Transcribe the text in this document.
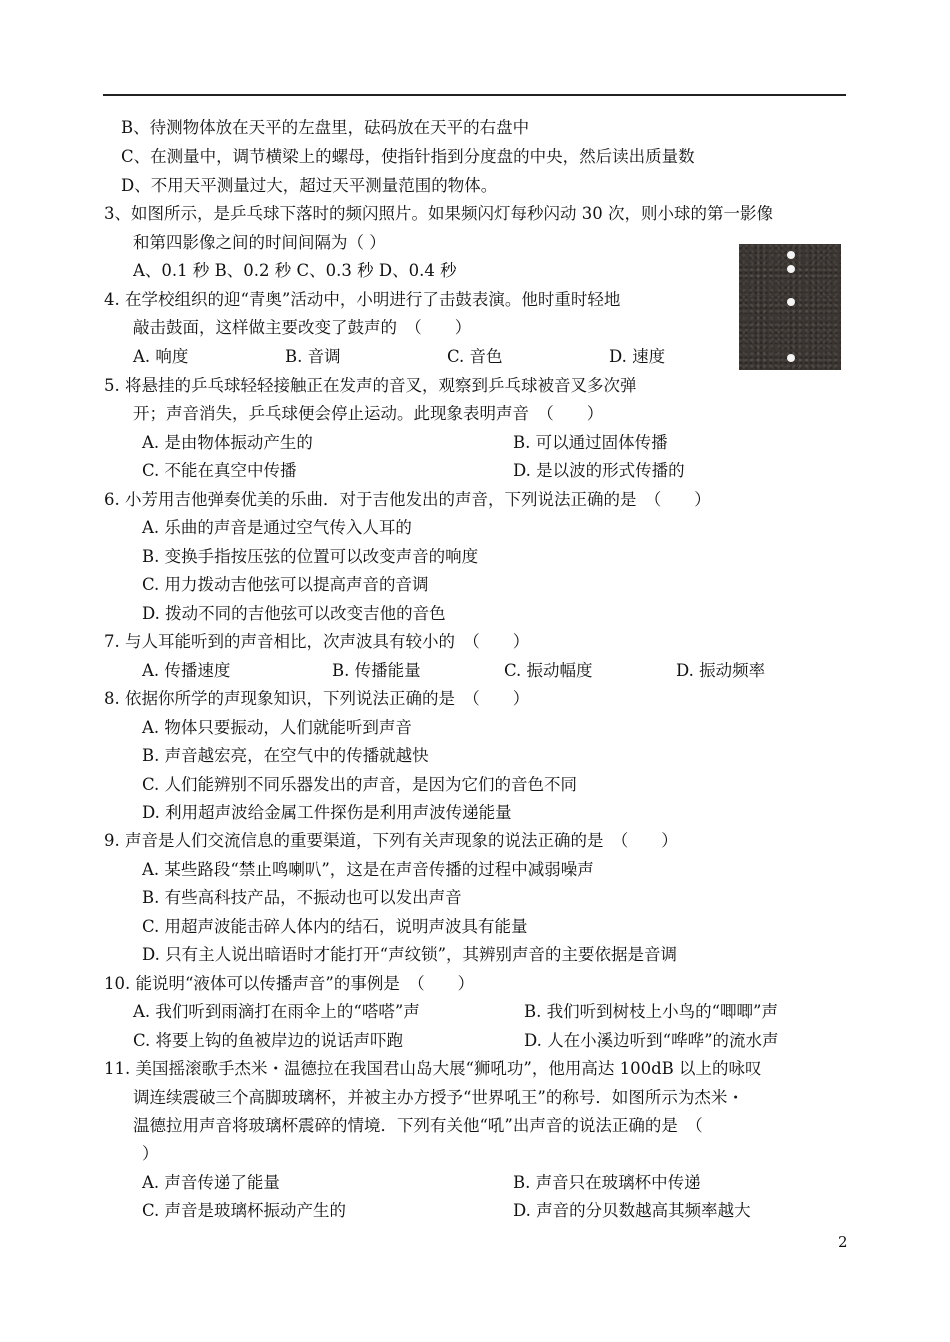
B、待测物体放在天平的左盘里，砝码放在天平的右盘中
C、在测量中，调节横梁上的螺母，使指针指到分度盘的中央，然后读出质量数
D、不用天平测量过大，超过天平测量范围的物体。
3、如图所示，是乒乓球下落时的频闪照片。如果频闪灯每秒闪动 30 次，则小球的第一影像
和第四影像之间的时间间隔为（ ）
A、0.1 秒 B、0.2 秒 C、0.3 秒 D、0.4 秒
4. 在学校组织的迎“青奥”活动中，小明进行了击鼓表演。他时重时轻地
敲击鼓面，这样做主要改变了鼓声的　（　　）
A. 响度	B. 音调	C. 音色	D. 速度
5. 将悬挂的乒乓球轻轻接触正在发声的音叉，观察到乒乓球被音叉多次弹
开；声音消失，乒乓球便会停止运动。此现象表明声音　（　　）
A. 是由物体振动产生的	B. 可以通过固体传播
C. 不能在真空中传播	D. 是以波的形式传播的
6. 小芳用吉他弹奏优美的乐曲．对于吉他发出的声音，下列说法正确的是　（　　）
A. 乐曲的声音是通过空气传入人耳的
B. 变换手指按压弦的位置可以改变声音的响度
C. 用力拨动吉他弦可以提高声音的音调
D. 拨动不同的吉他弦可以改变吉他的音色
7. 与人耳能听到的声音相比，次声波具有较小的　（　　）
A. 传播速度	B. 传播能量	C. 振动幅度	D. 振动频率
8. 依据你所学的声现象知识，下列说法正确的是　（　　）
A. 物体只要振动，人们就能听到声音
B. 声音越宏亮，在空气中的传播就越快
C. 人们能辨别不同乐器发出的声音，是因为它们的音色不同
D. 利用超声波给金属工件探伤是利用声波传递能量
9. 声音是人们交流信息的重要渠道，下列有关声现象的说法正确的是　（　　）
A. 某些路段“禁止鸣喇叭”，这是在声音传播的过程中减弱噪声
B. 有些高科技产品，不振动也可以发出声音
C. 用超声波能击碎人体内的结石，说明声波具有能量
D. 只有主人说出暗语时才能打开“声纹锁”，其辨别声音的主要依据是音调
10. 能说明“液体可以传播声音”的事例是　（　　）
A. 我们听到雨滴打在雨伞上的“嗒嗒”声	B. 我们听到树枝上小鸟的“唧唧”声
C. 将要上钩的鱼被岸边的说话声吓跑	D. 人在小溪边听到“哗哗”的流水声
11. 美国摇滚歌手杰米・温德拉在我国君山岛大展“狮吼功”，他用高达 100dB 以上的咏叹
调连续震破三个高脚玻璃杯，并被主办方授予“世界吼王”的称号．如图所示为杰米・
温德拉用声音将玻璃杯震碎的情境．下列有关他“吼”出声音的说法正确的是　（
）
A. 声音传递了能量	B. 声音只在玻璃杯中传递
C. 声音是玻璃杯振动产生的	D. 声音的分贝数越高其频率越大
2
